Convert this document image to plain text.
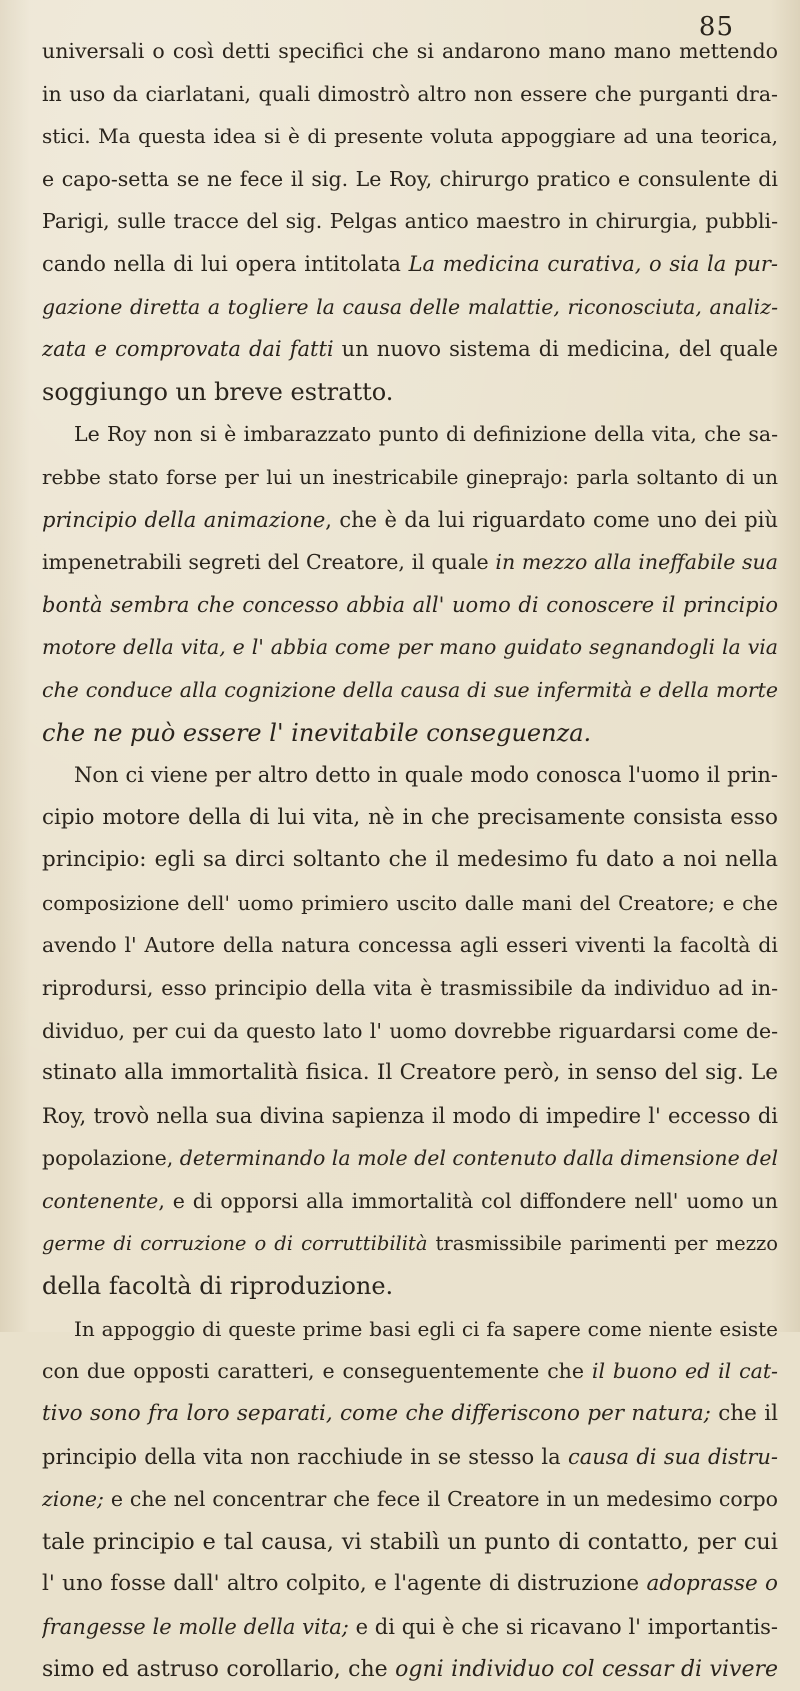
85
universali o così detti specifici che si andarono mano mano mettendo
in uso da ciarlatani, quali dimostrò altro non essere che purganti dra-
stici. Ma questa idea si è di presente voluta appoggiare ad una teorica,
e capo-setta se ne fece il sig. Le Roy, chirurgo pratico e consulente di
Parigi, sulle tracce del sig. Pelgas antico maestro in chirurgia, pubbli-
cando nella di lui opera intitolata La medicina curativa, o sia la pur-
gazione diretta a togliere la causa delle malattie, riconosciuta, analiz-
zata e comprovata dai fatti un nuovo sistema di medicina, del quale
soggiungo un breve estratto.
Le Roy non si è imbarazzato punto di definizione della vita, che sa-
rebbe stato forse per lui un inestricabile gineprajo: parla soltanto di un
principio della animazione, che è da lui riguardato come uno dei più
impenetrabili segreti del Creatore, il quale in mezzo alla ineffabile sua
bontà sembra che concesso abbia all' uomo di conoscere il principio
motore della vita, e l' abbia come per mano guidato segnandogli la via
che conduce alla cognizione della causa di sue infermità e della morte
che ne può essere l' inevitabile conseguenza.
Non ci viene per altro detto in quale modo conosca l'uomo il prin-
cipio motore della di lui vita, nè in che precisamente consista esso
principio: egli sa dirci soltanto che il medesimo fu dato a noi nella
composizione dell' uomo primiero uscito dalle mani del Creatore; e che
avendo l' Autore della natura concessa agli esseri viventi la facoltà di
riprodursi, esso principio della vita è trasmissibile da individuo ad in-
dividuo, per cui da questo lato l' uomo dovrebbe riguardarsi come de-
stinato alla immortalità fisica. Il Creatore però, in senso del sig. Le
Roy, trovò nella sua divina sapienza il modo di impedire l' eccesso di
popolazione, determinando la mole del contenuto dalla dimensione del
contenente, e di opporsi alla immortalità col diffondere nell' uomo un
germe di corruzione o di corruttibilità trasmissibile parimenti per mezzo
della facoltà di riproduzione.
In appoggio di queste prime basi egli ci fa sapere come niente esiste
con due opposti caratteri, e conseguentemente che il buono ed il cat-
tivo sono fra loro separati, come che differiscono per natura; che il
principio della vita non racchiude in se stesso la causa di sua distru-
zione; e che nel concentrar che fece il Creatore in un medesimo corpo
tale principio e tal causa, vi stabilì un punto di contatto, per cui
l' uno fosse dall' altro colpito, e l'agente di distruzione adoprasse o
frangesse le molle della vita; e di qui è che si ricavano l' importantis-
simo ed astruso corollario, che ogni individuo col cessar di vivere
